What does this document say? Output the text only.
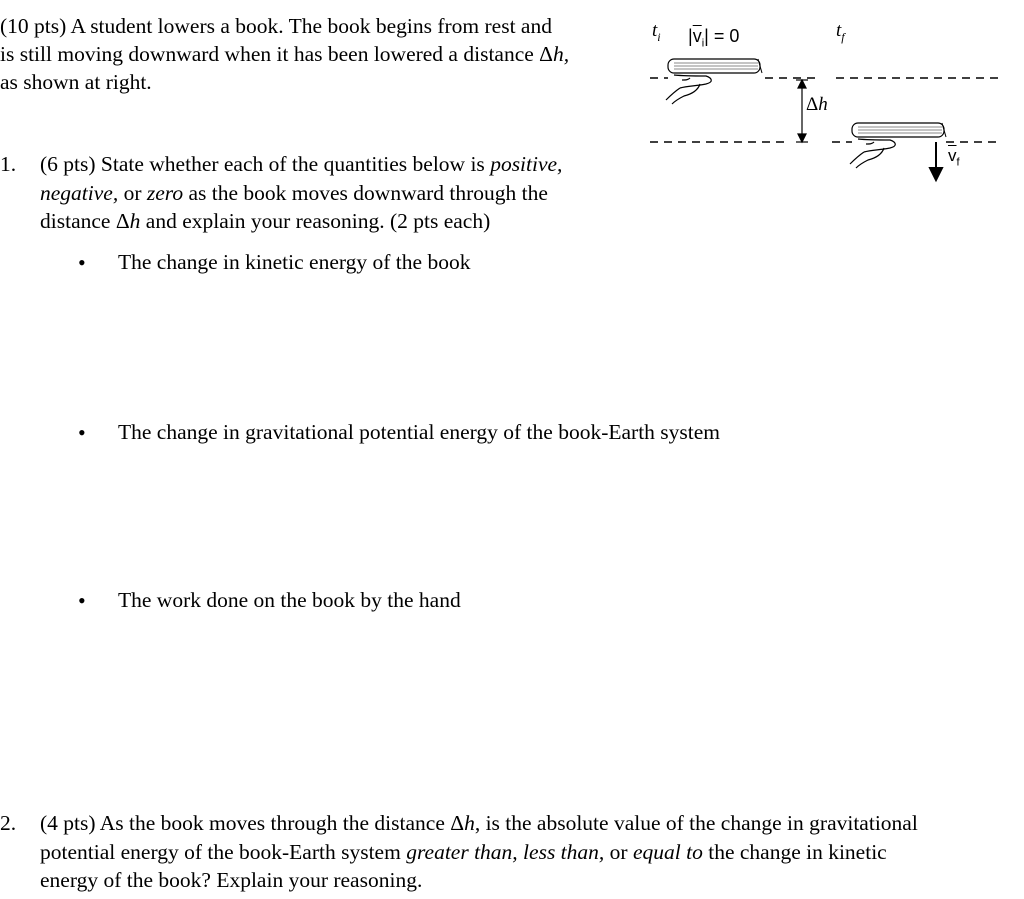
(10 pts) A student lowers a book. The book begins from rest and
is still moving downward when it has been lowered a distance Δh,
as shown at right.
$t_i$ $|\overline{v}_i| = 0$	$t_f$
Δh
$\overline{v}_f$
1. (6 pts) State whether each of the quantities below is positive,
negative, or zero as the book moves downward through the
distance Δh and explain your reasoning. (2 pts each)
• The change in kinetic energy of the book
• The change in gravitational potential energy of the book-Earth system
• The work done on the book by the hand
2. (4 pts) As the book moves through the distance Δh, is the absolute value of the change in gravitational
potential energy of the book-Earth system greater than, less than, or equal to the change in kinetic
energy of the book? Explain your reasoning.
